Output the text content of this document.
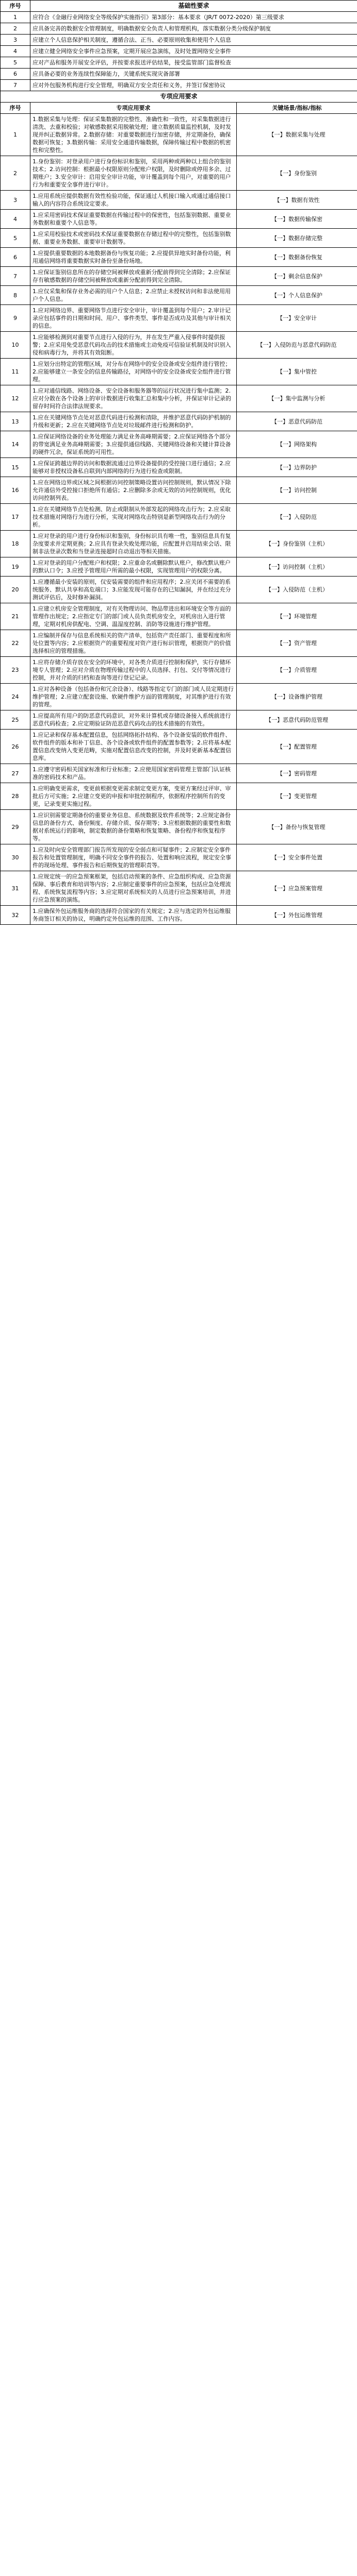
序号	基础性要求
1	应符合《金融行业网络安全等级保护实施指引》第3部分：基本要求（JR/T 0072-2020）第三级要求
2	应具备完善的数据安全管理制度，明确数据安全负责人和管理机构，落实数据分类分级保护制度
3	应建立个人信息保护相关制度，遵循合法、正当、必要原则收集和使用个人信息
4	应建立健全网络安全事件应急预案，定期开展应急演练，及时处置网络安全事件
5	应对产品和服务开展安全评估，并按要求报送评估结果，接受监管部门监督检查
6	应具备必要的业务连续性保障能力，关键系统实现灾备部署
7	应对外包服务机构进行安全管理，明确双方安全责任和义务，并签订保密协议
专项应用要求		
序号	专项应用要求	关键场景/指标/指标
1	1.数据采集与处理：保证采集数据的完整性、准确性和一致性，对采集数据进行清洗、去重和校验；对敏感数据采用脱敏处理；建立数据质量监控机制，及时发现并纠正数据异常。2.数据存储：对重要数据进行加密存储，并定期备份，确保数据可恢复；3.数据传输：采用安全通道传输数据，保障传输过程中数据的机密性和完整性。	【一】数据采集与处理
2	1.身份鉴别：对登录用户进行身份标识和鉴别，采用两种或两种以上组合的鉴别技术；2.访问控制：根据最小权限原则分配账户权限，及时删除或停用多余、过期账户；3.安全审计：启用安全审计功能，审计覆盖到每个用户，对重要的用户行为和重要安全事件进行审计。	【一】身份鉴别
3	1.应用系统应提供数据有效性检验功能，保证通过人机接口输入或通过通信接口输入的内容符合系统设定要求。	【一】数据有效性
4	1.应采用密码技术保证重要数据在传输过程中的保密性，包括鉴别数据、重要业务数据和重要个人信息等。	【一】数据传输保密
5	1.应采用校验技术或密码技术保证重要数据在存储过程中的完整性，包括鉴别数据、重要业务数据、重要审计数据等。	【一】数据存储完整
6	1.应提供重要数据的本地数据备份与恢复功能；2.应提供异地实时备份功能，利用通信网络将重要数据实时备份至备份场地。	【一】数据备份恢复
7	1.应保证鉴别信息所在的存储空间被释放或重新分配前得到完全清除；2.应保证存有敏感数据的存储空间被释放或重新分配前得到完全清除。	【一】剩余信息保护
8	1.应仅采集和保存业务必需的用户个人信息；2.应禁止未授权访问和非法使用用户个人信息。	【一】个人信息保护
9	1.应对网络边界、重要网络节点进行安全审计，审计覆盖到每个用户；2.审计记录应包括事件的日期和时间、用户、事件类型、事件是否成功及其他与审计相关的信息。	【一】安全审计
10	1.应能够检测到对重要节点进行入侵的行为，并在发生严重入侵事件时提供报警；2.应采用免受恶意代码攻击的技术措施或主动免疫可信验证机制及时识别入侵和病毒行为，并将其有效阻断。	【一】入侵防范与恶意代码防范
11	1.应划分出特定的管理区域，对分布在网络中的安全设备或安全组件进行管控；2.应能够建立一条安全的信息传输路径，对网络中的安全设备或安全组件进行管理。	【一】集中管控
12	1.应对通信线路、网络设备、安全设备和服务器等的运行状况进行集中监测；2.应对分散在各个设备上的审计数据进行收集汇总和集中分析，并保证审计记录的留存时间符合法律法规要求。	【一】集中监测与分析
13	1.应在关键网络节点处对恶意代码进行检测和清除，并维护恶意代码防护机制的升级和更新；2.应在关键网络节点处对垃圾邮件进行检测和防护。	【一】恶意代码防范
14	1.应保证网络设备的业务处理能力满足业务高峰期需要；2.应保证网络各个部分的带宽满足业务高峰期需要；3.应提供通信线路、关键网络设备和关键计算设备的硬件冗余，保证系统的可用性。	【一】网络架构
15	1.应保证跨越边界的访问和数据流通过边界设备提供的受控接口进行通信；2.应能够对非授权设备私自联到内部网络的行为进行检查或限制。	【一】边界防护
16	1.应在网络边界或区域之间根据访问控制策略设置访问控制规则，默认情况下除允许通信外受控接口拒绝所有通信；2.应删除多余或无效的访问控制规则，优化访问控制列表。	【一】访问控制
17	1.应在关键网络节点处检测、防止或限制从外部发起的网络攻击行为；2.应采取技术措施对网络行为进行分析，实现对网络攻击特别是新型网络攻击行为的分析。	【一】入侵防范
18	1.应对登录的用户进行身份标识和鉴别，身份标识具有唯一性，鉴别信息具有复杂度要求并定期更换；2.应具有登录失败处理功能，应配置并启用结束会话、限制非法登录次数和当登录连接超时自动退出等相关措施。	【一】身份鉴别（主机）
19	1.应对登录的用户分配账户和权限；2.应重命名或删除默认账户，修改默认账户的默认口令；3.应授予管理用户所需的最小权限，实现管理用户的权限分离。	【一】访问控制（主机）
20	1.应遵循最小安装的原则，仅安装需要的组件和应用程序；2.应关闭不需要的系统服务、默认共享和高危端口；3.应能发现可能存在的已知漏洞，并在经过充分测试评估后，及时修补漏洞。	【一】入侵防范（主机）
21	1.应建立机房安全管理制度，对有关物理访问、物品带进出和环境安全等方面的管理作出规定；2.应指定专门的部门或人员负责机房安全，对机房出入进行管理，定期对机房供配电、空调、温湿度控制、消防等设施进行维护管理。	【一】环境管理
22	1.应编制并保存与信息系统相关的资产清单，包括资产责任部门、重要程度和所处位置等内容；2.应根据资产的重要程度对资产进行标识管理，根据资产的价值选择相应的管理措施。	【一】资产管理
23	1.应将存储介质存放在安全的环境中，对各类介质进行控制和保护，实行存储环境专人管理；2.应对介质在物理传输过程中的人员选择、打包、交付等情况进行控制，并对介质的归档和查询等进行登记记录。	【一】介质管理
24	1.应对各种设备（包括备份和冗余设备）、线路等指定专门的部门或人员定期进行维护管理；2.应建立配套设施、软硬件维护方面的管理制度，对其维护进行有效的管理。	【一】设备维护管理
25	1.应提高所有用户的防恶意代码意识，对外来计算机或存储设备接入系统前进行恶意代码检查；2.应定期验证防范恶意代码攻击的技术措施的有效性。	【一】恶意代码防范管理
26	1.应记录和保存基本配置信息，包括网络拓扑结构、各个设备安装的软件组件、软件组件的版本和补丁信息、各个设备或软件组件的配置参数等；2.应将基本配置信息改变纳入变更范畴，实施对配置信息改变的控制，并及时更新基本配置信息库。	【一】配置管理
27	1.应遵守密码相关国家标准和行业标准；2.应使用国家密码管理主管部门认证核准的密码技术和产品。	【一】密码管理
28	1.应明确变更需求，变更前根据变更需求制定变更方案，变更方案经过评审、审批后方可实施；2.应建立变更的申报和审批控制程序，依据程序控制所有的变更，记录变更实施过程。	【一】变更管理
29	1.应识别需要定期备份的重要业务信息、系统数据及软件系统等；2.应规定备份信息的备份方式、备份频度、存储介质、保存期等；3.应根据数据的重要性和数据对系统运行的影响，制定数据的备份策略和恢复策略、备份程序和恢复程序等。	【一】备份与恢复管理
30	1.应及时向安全管理部门报告所发现的安全弱点和可疑事件；2.应制定安全事件报告和处置管理制度，明确不同安全事件的报告、处置和响应流程，规定安全事件的现场处理、事件报告和后期恢复的管理职责等。	【一】安全事件处置
31	1.应规定统一的应急预案框架，包括启动预案的条件、应急组织构成、应急资源保障、事后教育和培训等内容；2.应制定重要事件的应急预案，包括应急处理流程、系统恢复流程等内容；3.应定期对系统相关的人员进行应急预案培训，并进行应急预案的演练。	【一】应急预案管理
32	1.应确保外包运维服务商的选择符合国家的有关规定；2.应与选定的外包运维服务商签订相关的协议，明确约定外包运维的范围、工作内容。	【一】外包运维管理
